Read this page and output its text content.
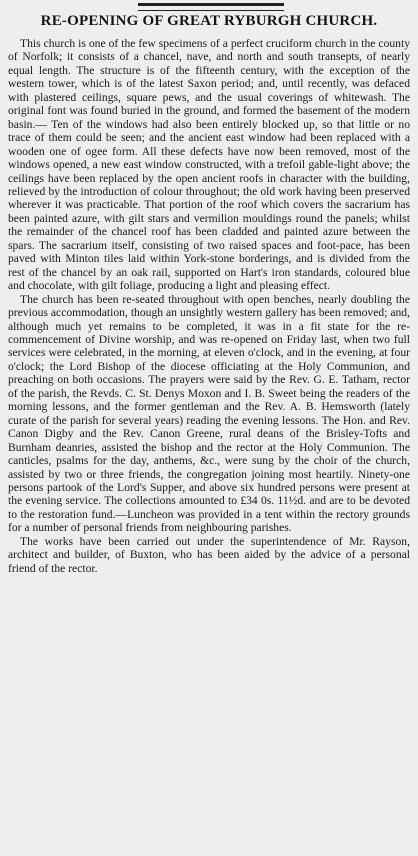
RE-OPENING OF GREAT RYBURGH CHURCH.

This church is one of the few specimens of a perfect cruciform church in the county of Norfolk; it consists of a chancel, nave, and north and south transepts, of nearly equal length. The structure is of the fifteenth century, with the exception of the western tower, which is of the latest Saxon period; and, until recently, was defaced with plastered ceilings, square pews, and the usual coverings of whitewash. The original font was found buried in the ground, and formed the basement of the modern basin.— Ten of the windows had also been entirely blocked up, so that little or no trace of them could be seen; and the ancient east window had been replaced with a wooden one of ogee form. All these defects have now been removed, most of the windows opened, a new east window constructed, with a trefoil gable-light above; the ceilings have been replaced by the open ancient roofs in character with the building, relieved by the introduction of colour throughout; the old work having been preserved wherever it was practicable. That portion of the roof which covers the sacrarium has been painted azure, with gilt stars and vermilion mouldings round the panels; whilst the remainder of the chancel roof has been cladded and painted azure between the spars. The sacrarium itself, consisting of two raised spaces and foot-pace, has been paved with Minton tiles laid within York-stone borderings, and is divided from the rest of the chancel by an oak rail, supported on Hart's iron standards, coloured blue and chocolate, with gilt foliage, producing a light and pleasing effect.

The church has been re-seated throughout with open benches, nearly doubling the previous accommodation, though an unsightly western gallery has been removed; and, although much yet remains to be completed, it was in a fit state for the re-commencement of Divine worship, and was re-opened on Friday last, when two full services were celebrated, in the morning, at eleven o'clock, and in the evening, at four o'clock; the Lord Bishop of the diocese officiating at the Holy Communion, and preaching on both occasions. The prayers were said by the Rev. G. E. Tatham, rector of the parish, the Revds. C. St. Denys Moxon and I. B. Sweet being the readers of the morning lessons, and the former gentleman and the Rev. A. B. Hemsworth (lately curate of the parish for several years) reading the evening lessons. The Hon. and Rev. Canon Digby and the Rev. Canon Greene, rural deans of the Brisley-Tofts and Burnham deanries, assisted the bishop and the rector at the Holy Communion. The canticles, psalms for the day, anthems, &c., were sung by the choir of the church, assisted by two or three friends, the congregation joining most heartily. Ninety-one persons partook of the Lord's Supper, and above six hundred persons were present at the evening service. The collections amounted to £34 0s. 11½d. and are to be devoted to the restoration fund.—Luncheon was provided in a tent within the rectory grounds for a number of personal friends from neighbouring parishes.

The works have been carried out under the superintendence of Mr. Rayson, architect and builder, of Buxton, who has been aided by the advice of a personal friend of the rector.
